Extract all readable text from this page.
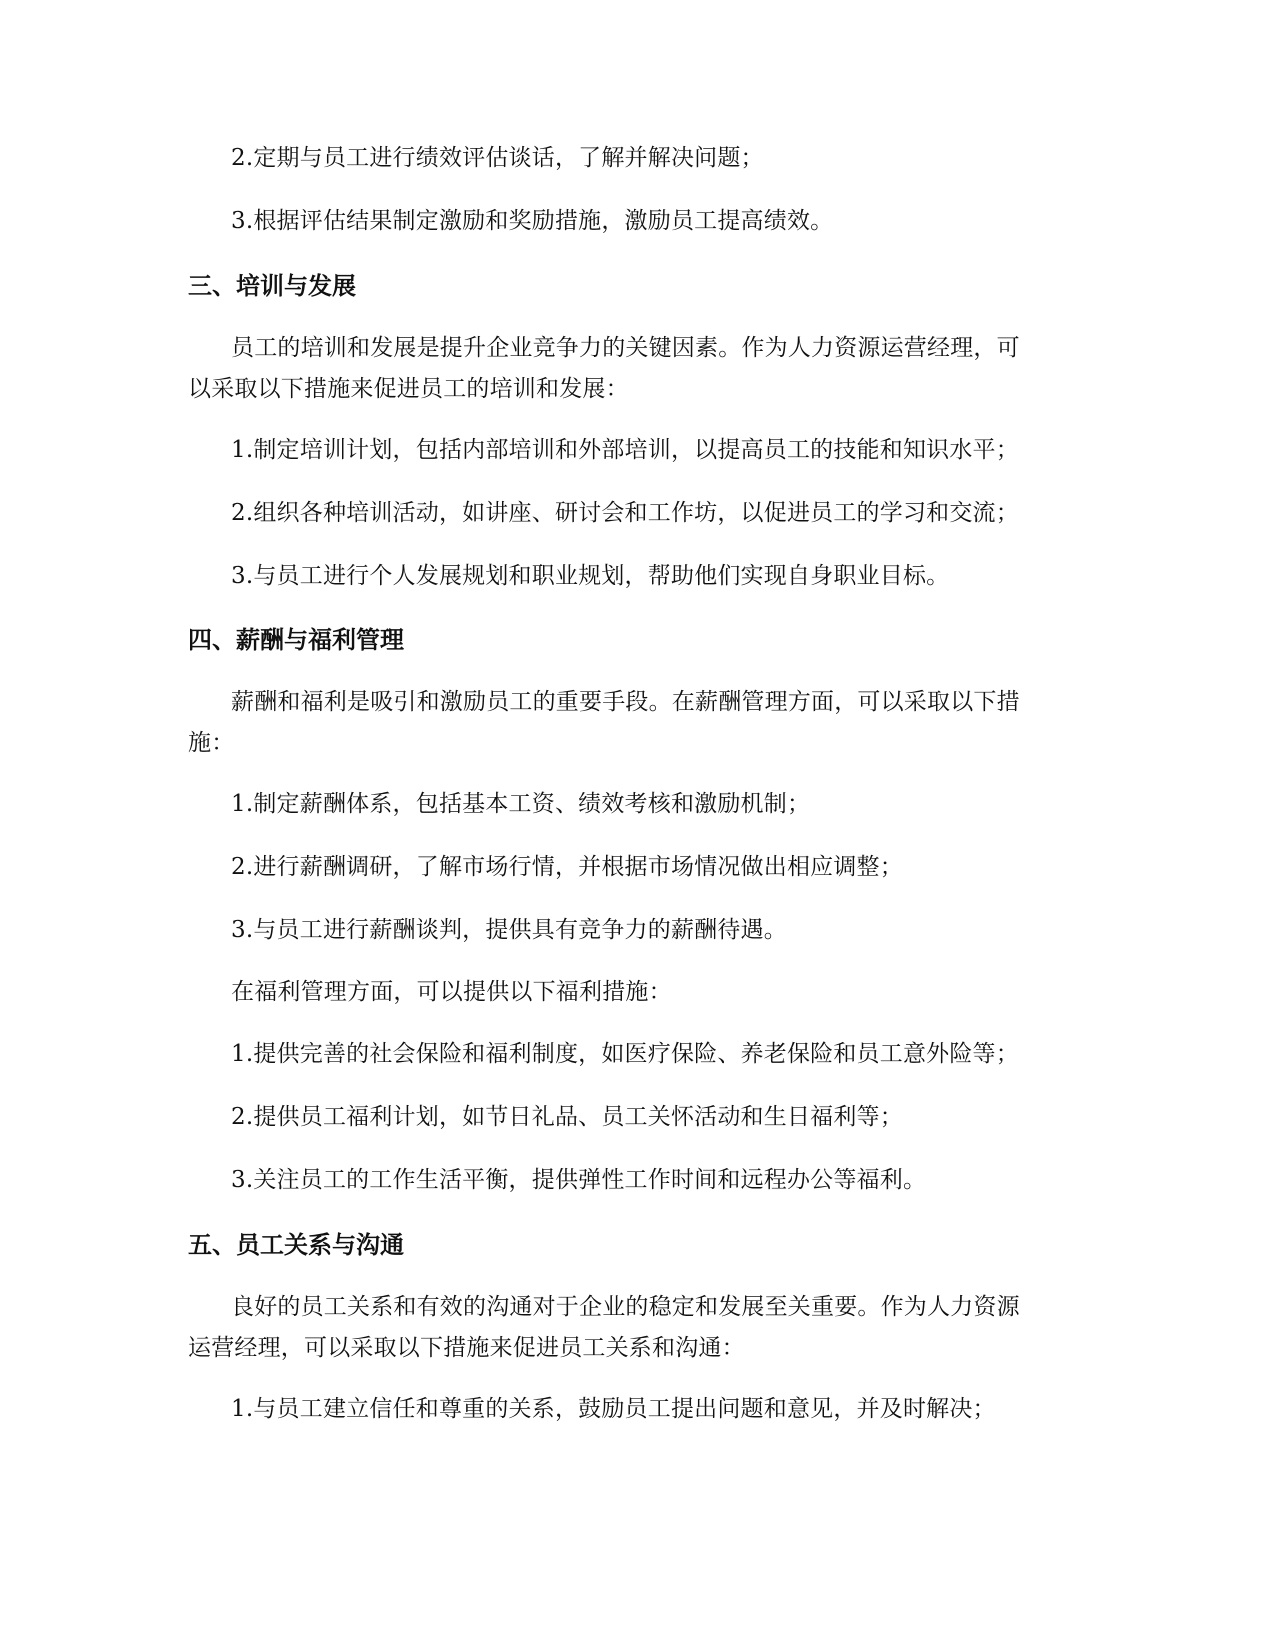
2.定期与员工进行绩效评估谈话，了解并解决问题；
3.根据评估结果制定激励和奖励措施，激励员工提高绩效。
三、培训与发展
员工的培训和发展是提升企业竞争力的关键因素。作为人力资源运营经理，可
以采取以下措施来促进员工的培训和发展：
1.制定培训计划，包括内部培训和外部培训，以提高员工的技能和知识水平；
2.组织各种培训活动，如讲座、研讨会和工作坊，以促进员工的学习和交流；
3.与员工进行个人发展规划和职业规划，帮助他们实现自身职业目标。
四、薪酬与福利管理
薪酬和福利是吸引和激励员工的重要手段。在薪酬管理方面，可以采取以下措
施：
1.制定薪酬体系，包括基本工资、绩效考核和激励机制；
2.进行薪酬调研，了解市场行情，并根据市场情况做出相应调整；
3.与员工进行薪酬谈判，提供具有竞争力的薪酬待遇。
在福利管理方面，可以提供以下福利措施：
1.提供完善的社会保险和福利制度，如医疗保险、养老保险和员工意外险等；
2.提供员工福利计划，如节日礼品、员工关怀活动和生日福利等；
3.关注员工的工作生活平衡，提供弹性工作时间和远程办公等福利。
五、员工关系与沟通
良好的员工关系和有效的沟通对于企业的稳定和发展至关重要。作为人力资源
运营经理，可以采取以下措施来促进员工关系和沟通：
1.与员工建立信任和尊重的关系，鼓励员工提出问题和意见，并及时解决；
